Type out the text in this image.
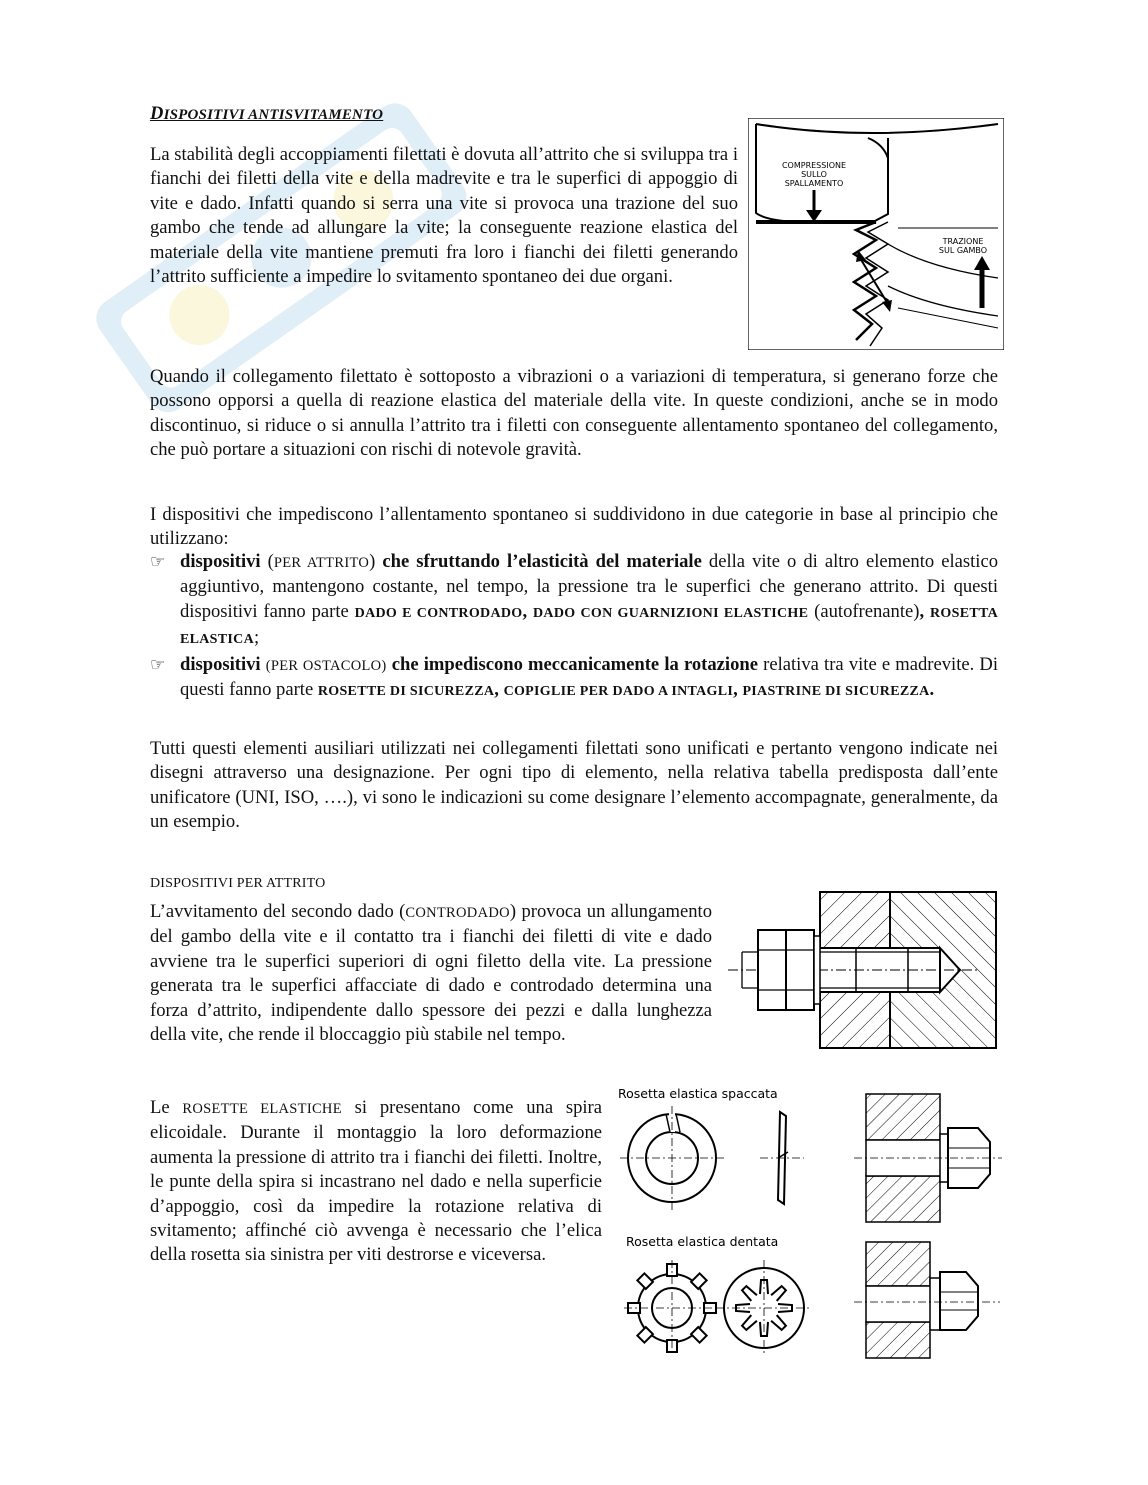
DISPOSITIVI ANTISVITAMENTO

La stabilità degli accoppiamenti filettati è dovuta all’attrito che si sviluppa tra i fianchi dei filetti della vite e della madrevite e tra le superfici di appoggio di vite e dado. Infatti quando si serra una vite si provoca una trazione del suo gambo che tende ad allungare la vite; la conseguente reazione elastica del materiale della vite mantiene premuti fra loro i fianchi dei filetti generando l’attrito sufficiente a impedire lo svitamento spontaneo dei due organi.

COMPRESSIONE
SULLO
SPALLAMENTO
TRAZIONE
SUL GAMBO

Quando il collegamento filettato è sottoposto a vibrazioni o a variazioni di temperatura, si generano forze che possono opporsi a quella di reazione elastica del materiale della vite. In queste condizioni, anche se in modo discontinuo, si riduce o si annulla l’attrito tra i filetti con conseguente allentamento spontaneo del collegamento, che può portare a situazioni con rischi di notevole gravità.

I dispositivi che impediscono l’allentamento spontaneo si suddividono in due categorie in base al principio che utilizzano:

☞ dispositivi (PER ATTRITO) che sfruttando l’elasticità del materiale della vite o di altro elemento elastico aggiuntivo, mantengono costante, nel tempo, la pressione tra le superfici che generano attrito. Di questi dispositivi fanno parte DADO E CONTRODADO, DADO CON GUARNIZIONI ELASTICHE (autofrenante), ROSETTA ELASTICA;
☞ dispositivi (PER OSTACOLO) che impediscono meccanicamente la rotazione relativa tra vite e madrevite. Di questi fanno parte ROSETTE DI SICUREZZA, COPIGLIE PER DADO A INTAGLI, PIASTRINE DI SICUREZZA.

Tutti questi elementi ausiliari utilizzati nei collegamenti filettati sono unificati e pertanto vengono indicate nei disegni attraverso una designazione. Per ogni tipo di elemento, nella relativa tabella predisposta dall’ente unificatore (UNI, ISO, ….), vi sono le indicazioni su come designare l’elemento accompagnate, generalmente, da un esempio.

DISPOSITIVI PER ATTRITO

L’avvitamento del secondo dado (CONTRODADO) provoca un allungamento del gambo della vite e il contatto tra i fianchi dei filetti di vite e dado avviene tra le superfici superiori di ogni filetto della vite. La pressione generata tra le superfici affacciate di dado e controdado determina una forza d’attrito, indipendente dallo spessore dei pezzi e dalla lunghezza della vite, che rende il bloccaggio più stabile nel tempo.

Le ROSETTE ELASTICHE si presentano come una spira elicoidale. Durante il montaggio la loro deformazione aumenta la pressione di attrito tra i fianchi dei filetti. Inoltre, le punte della spira si incastrano nel dado e nella superficie d’appoggio, così da impedire la rotazione relativa di svitamento; affinché ciò avvenga è necessario che l’elica della rosetta sia sinistra per viti destrorse e viceversa.

Rosetta elastica spaccata
Rosetta elastica dentata
